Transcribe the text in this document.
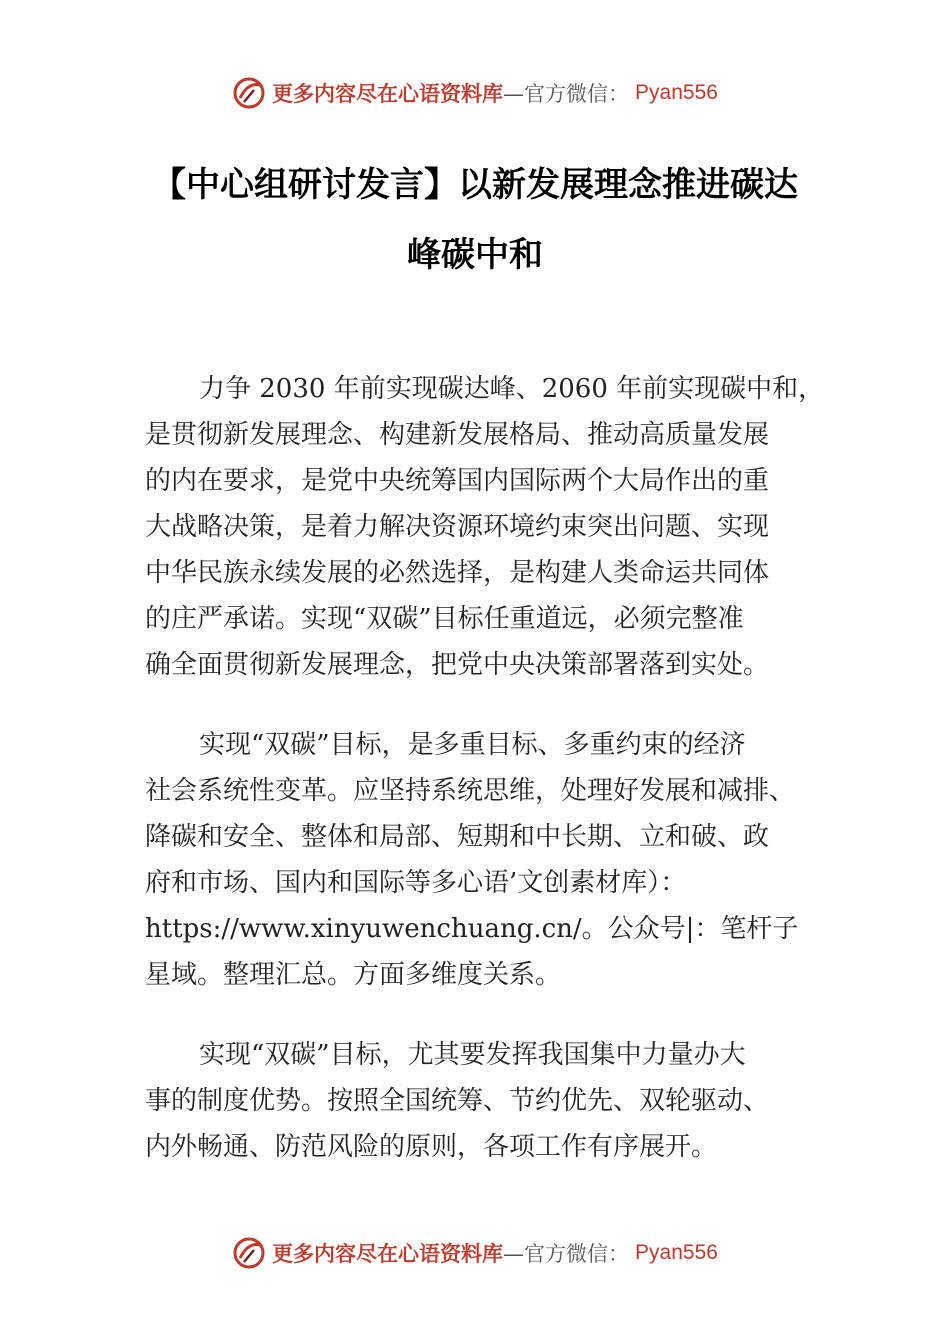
更多内容尽在心语资料库 —官方微信： Pyan556
【中心组研讨发言】以新发展理念推进碳达
峰碳中和

力争 2030 年前实现碳达峰、2060 年前实现碳中和，
是贯彻新发展理念、构建新发展格局、推动高质量发展
的内在要求，是党中央统筹国内国际两个大局作出的重
大战略决策，是着力解决资源环境约束突出问题、实现
中华民族永续发展的必然选择，是构建人类命运共同体
的庄严承诺。实现“双碳”目标任重道远，必须完整准
确全面贯彻新发展理念，把党中央决策部署落到实处。

实现“双碳”目标，是多重目标、多重约束的经济
社会系统性变革。应坚持系统思维，处理好发展和减排、
降碳和安全、整体和局部、短期和中长期、立和破、政
府和市场、国内和国际等多心语’文创素材库）：
https://www.xinyuwenchuang.cn/。公众号|：笔杆子
星域。整理汇总。方面多维度关系。

实现“双碳”目标，尤其要发挥我国集中力量办大
事的制度优势。按照全国统筹、节约优先、双轮驱动、
内外畅通、防范风险的原则，各项工作有序展开。

更多内容尽在心语资料库 —官方微信： Pyan556
